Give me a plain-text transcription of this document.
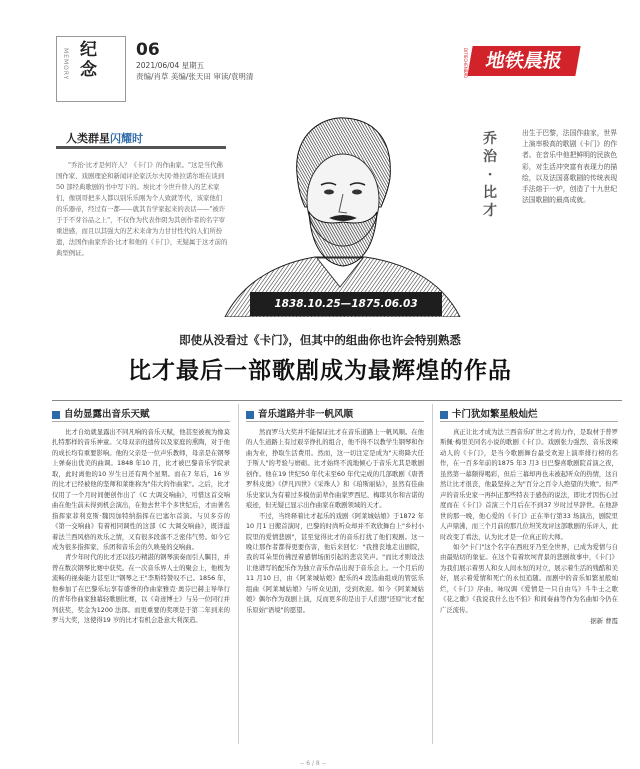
纪念
MEMORY	06
2021/06/04 星期五
责编/肖草 美编/张天田 审读/袁明清
地铁晨报
DITIECHENBAO
人类群星闪耀时
"乔治·比才是何许人？《卡门》的作曲家。"这是当代佛国作家、戏剧理论和新闻评论家沃尔夫冈·维拉诺尔堆在谈到50 部经典歌剧的书中写下的。埃比才今世升替人的艺术家们，像别哥把多人都以别乐乐刚为个人致就等代，该家他们的乐器帝，经过有一都——就其肯学家起来的表话——"被许于于不芽谷品之上"，不仅作为代表作阴为其创作者的名字审重进感，而且以其强大的艺术来命为力甘甘性代的人们所扮遗，法国作曲家乔治·比才和他的《卡门》，无疑属于这才前的典型例证。
1838.10.25—1875.06.03
乔
治
·
比
才
出生于巴黎，法国作曲家，世界上演率极高的歌剧《卡门》的作者。在音乐中他把鲜明的民族色彩，对生活冲突富有表现力的描绘，以及法国喜歌剧的传统表现手法熔于一炉，创造了十九世纪法国歌剧的最高成就。
即使从没看过《卡门》，但其中的组曲你也许会特别熟悉
比才最后一部歌剧成为最辉煌的作品
自幼显露出音乐天赋

比才自幼就显露出不同凡响的音乐天赋，他甚至被视为像莫扎特那样的音乐神童。父母双亲的遗传以及家庭的熏陶，对于他的成长均有重要影响。他的父亲是一位声乐教师，母亲是在钢琴上弹奏出优美的曲调。1848 年10 月，比才被巴黎音乐学院录取，此时离他的10 岁生日还有两个星期。而在7 年后，16 岁的比才已经被他的坚师和莱维称为"伟大的作曲家"。之后，比才仅用了一个月时间便创作出了《C 大调交响曲》，可惜这首交响曲在他生前未得到机会演出，在他去世半个多世纪后，才由著名指挥家菲利克斯·魏因加特纳指挥在巴塞尔首演。与贝多芬的《第一交响曲》有着相同调性的这部《C 大调交响曲》，既洋溢着法兰西风格的欢乐之情，又有很多段落不乏密伟气势。如今它成为很多指挥家、乐团和音乐会的久映曼的交响曲。

青少年时代的比才还以技巧精湛的钢琴演奏而引人瞩目，并曾在数次钢琴比赛中获奖。在一次音乐界人士的聚会上，他极为流畅的视奏能力甚至让"钢琴之王"李斯特赞叹不已。1856 年，他参加了在巴黎乐坛享有盛誉的作曲家雅克·奥芬巴赫主导举行的青年作曲家独幕轻歌剧比赛，以《奇迹博士》与另一位同行并列获奖，奖金为1200 法郎。而更重要的奖项是于第二年到来的罗马大奖，这使得19 岁的比才有机会赴意大利深造。

音乐道路并非一帆风顺

然而罗马大奖并不能保证比才在音乐道路上一帆风顺。在他的人生道路上有过艰辛挣扎的组合，他不得不以教学生钢琴和作曲为业，挣取生活费用。然而，这一切注定是成为"天将降大任于斯人"的考验与磨砺。比才始终不流地倾心于音乐尤其是歌剧创作。他在19 世纪50 年代末至60 年代完成的几部歌剧《唐普罗科皮奥》《伊凡四世》《采珠人》和《珀斯丽姑》，虽然有佳曲乐史家认为有着过多模仿前辈作曲家罗西尼、梅耶贝尔和古诺的痕迹，但无疑已显示出作曲家在歌剧领域的天才。

不过，当终释着比才起乐的戏剧《阿莱城姑娘》于1872 年10 月1 日搬首演时，巴黎的时尚听众却并不欢欣舞台上"乡村小院里的爱情悲剧"，甚至觉得比才的音乐打扰了他们观剧。这一晚让那作者都得更要伤害，他后来回忆："我搜丧地走出剧院，我的耳朵里仿佛涅着感情场面引起的悲哀笑声。"而比才则设法让他谱写的配乐作为独立音乐作品出现于音乐会上。一个月后的11 月10 日，由《阿莱城姑娘》配乐的4 段选曲组成的管弦乐组曲《阿莱城姑娘》与听众见面，受到欢迎。如今《阿莱城姑娘》偶尔作为戏剧上演，反而更多的是出于人们想"还原"比才配乐原始"语境"的愿望。

卡门犹如繁星般灿烂

真正让比才成为法兰西音乐旷世之才的力作，是取材于普罗斯佩·梅里美同名小说的歌剧《卡门》。戏剧张力强烈、音乐泼辣动人的《卡门》，是当今歌剧舞台最受欢迎上演率排行榜的名作，在一百多年前的1875 年3 月3 日巴黎喜歌剧院首演之夜，虽然第一幕颇得喝彩，但后三幕却再也未被起听众的热情，这自然让比才很丧，他最坚持之为"百分之百令人绝望的失败"。但严声的音乐史家一再纠正那些特表于感伤的说法，即比才因伤心过度而在《卡门》首演三个月后在不到37 岁时过早辞世。在他辞世的那一晚，他心爱的《卡门》正在举行第33 场演出，剧院里人声鼎沸，而三个月前的那几位坦笑攻评这部歌剧的乐评人，此时改变了看法，认为比才是一位真正的大师。

如今"卡门"这个名字在西班牙乃至全世界，已成为爱情与自由最贴切的象征。在这个有着坎坷背景的悲剧故事中，《卡门》为我们展示着男人和女人间永恒的对立，展示着生活的残酷和美好，展示着爱情和死亡的永恒追随。而剧中的音乐如繁星般灿烂，《卡门》序曲、咏叹调《爱情是一只自由鸟》斗牛士之歌《花之歌》《我说我什么也不怕》和间奏曲等作为名曲如今仍在广泛流传。

据新 曹霞
-- 6 / 8 --
